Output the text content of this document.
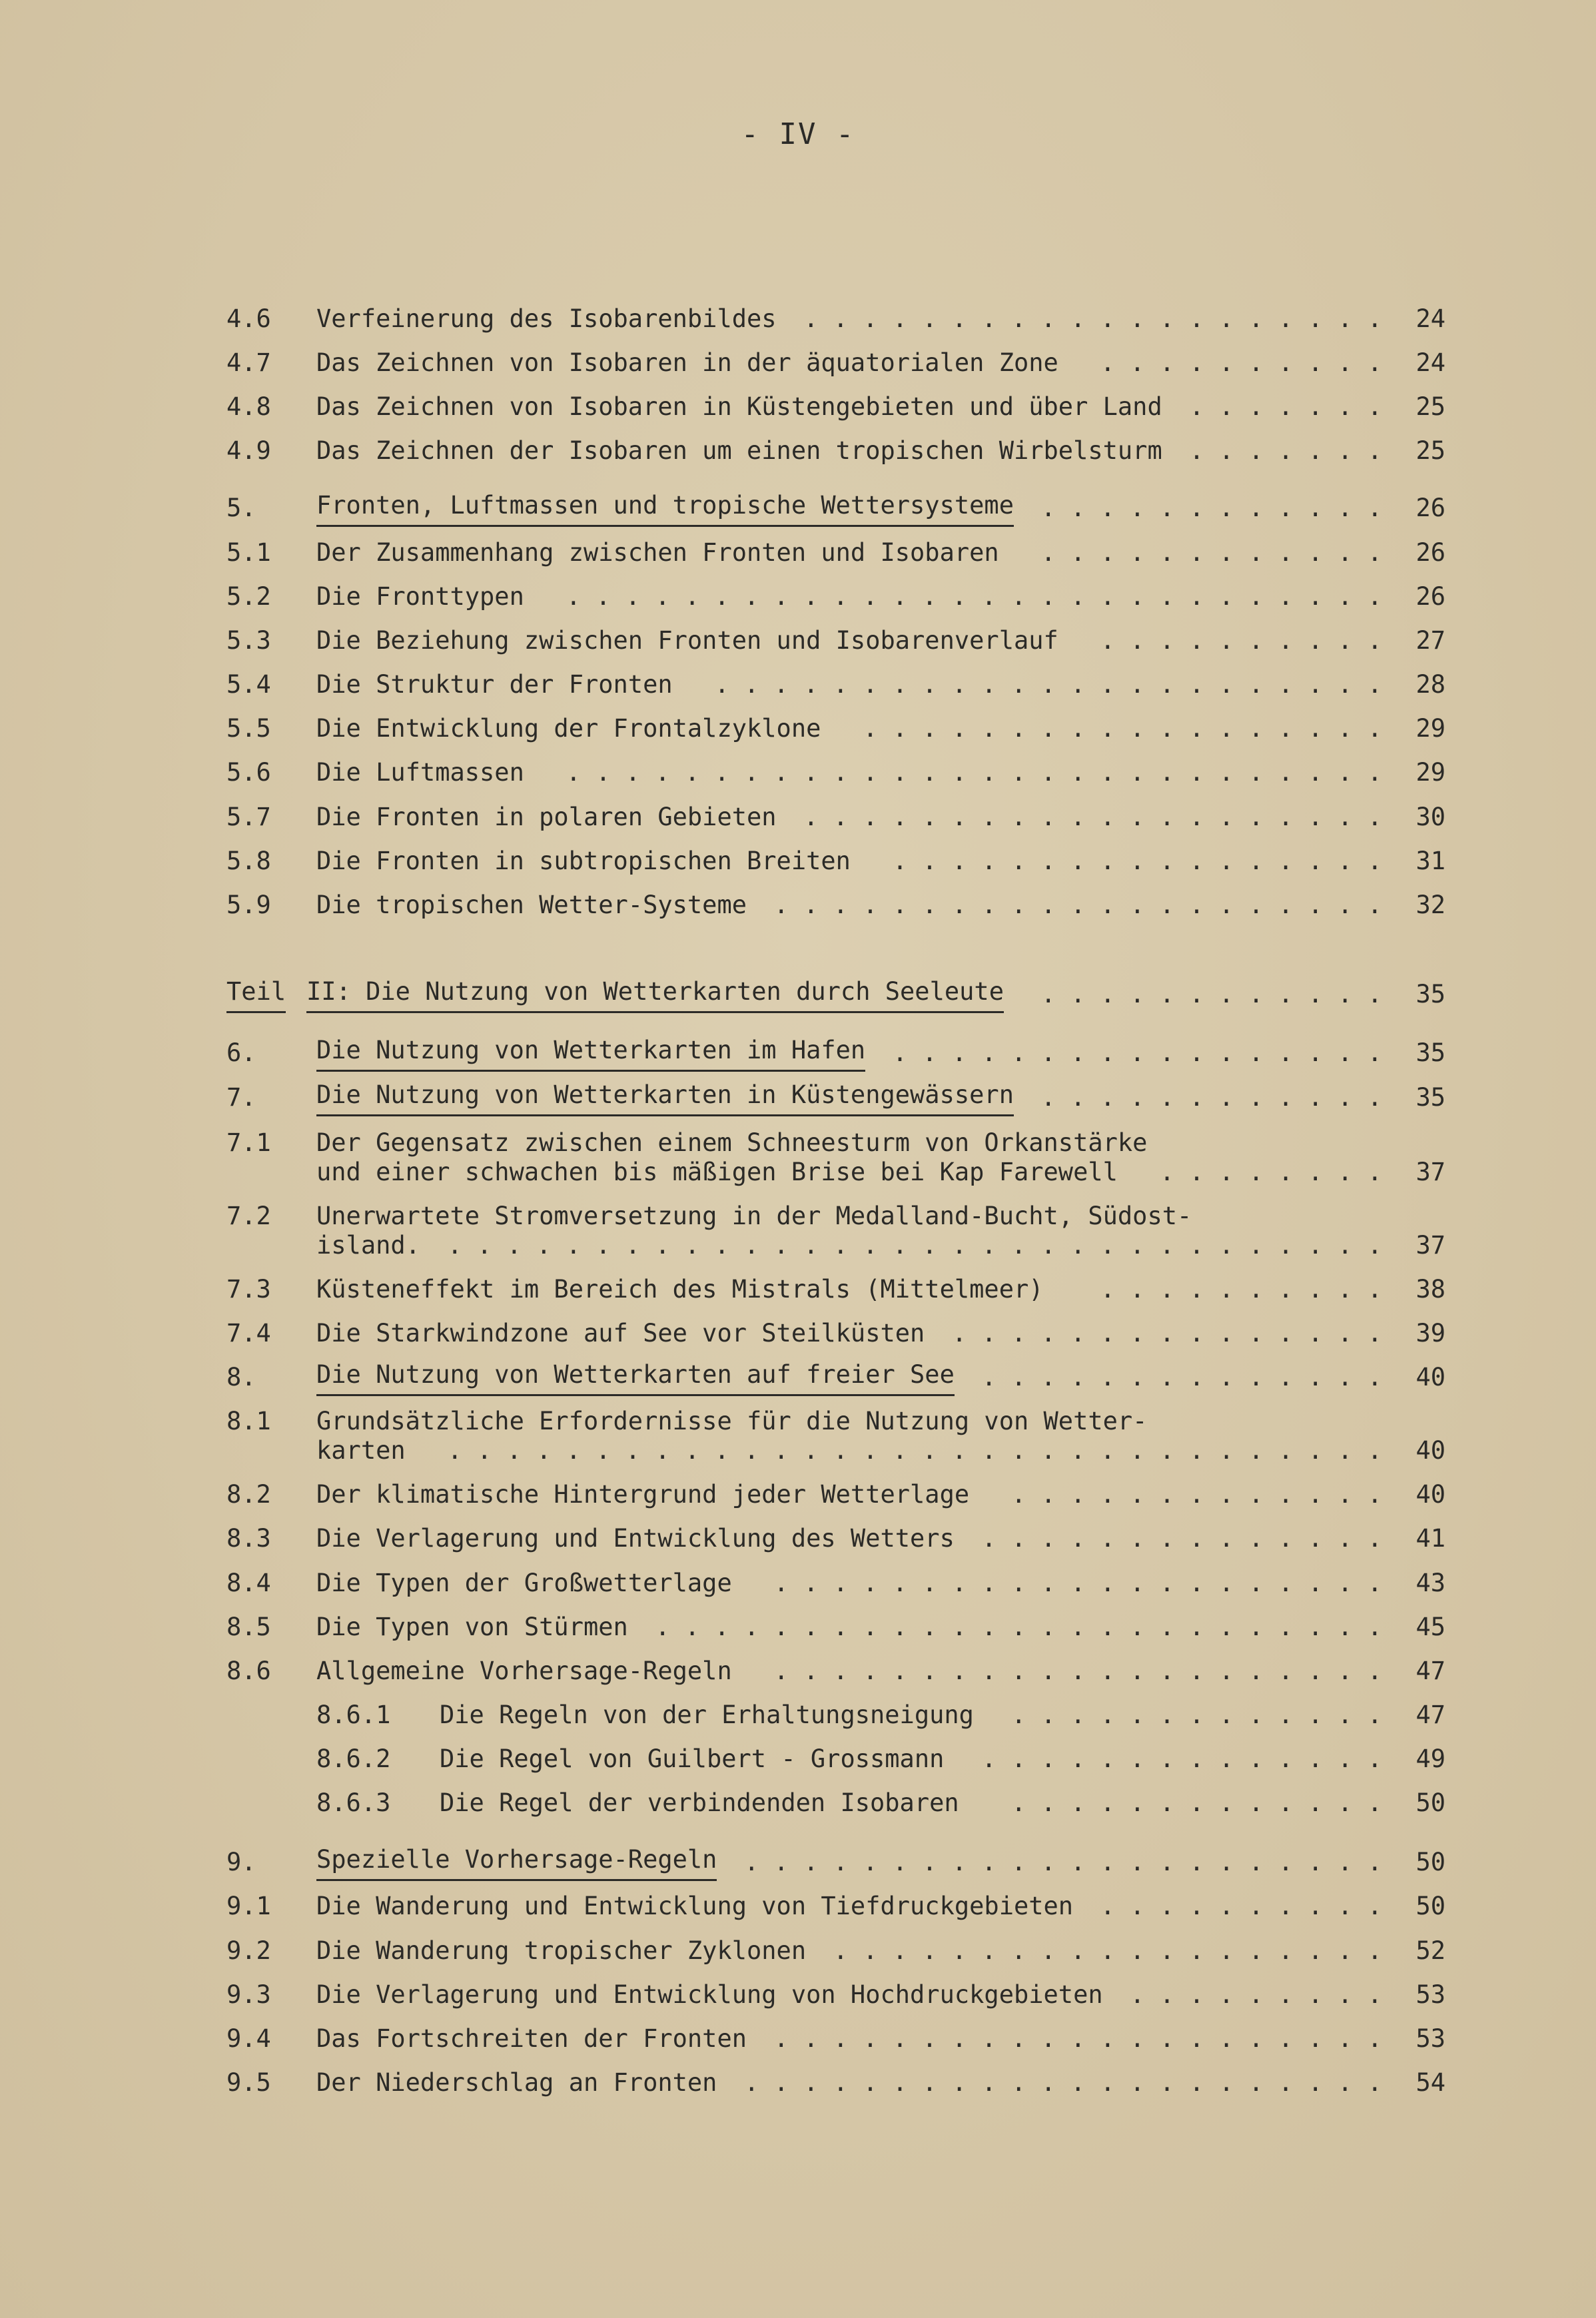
- IV -
4.6 Verfeinerung des Isobarenbildes	24
. . . . . . . . . . . . . . . . . . . .
4.7 Das Zeichnen von Isobaren in der äquatorialen Zone	24
. . . . . . . . . .
4.8 Das Zeichnen von Isobaren in Küstengebieten und über Land	25
. . . . . . .
4.9 Das Zeichnen der Isobaren um einen tropischen Wirbelsturm	25
. . . . . . .
5. Fronten, Luftmassen und tropische Wettersysteme	26
. . . . . . . . . . . .
5.1 Der Zusammenhang zwischen Fronten und Isobaren	26
. . . . . . . . . . . .
5.2 Die Fronttypen	26
. . . . . . . . . . . . . . . . . . . . . . . . . . . .
5.3 Die Beziehung zwischen Fronten und Isobarenverlauf	27
. . . . . . . . . .
5.4 Die Struktur der Fronten	28
. . . . . . . . . . . . . . . . . . . . . . .
5.5 Die Entwicklung der Frontalzyklone	29
. . . . . . . . . . . . . . . . . .
5.6 Die Luftmassen	29
. . . . . . . . . . . . . . . . . . . . . . . . . . . .
5.7 Die Fronten in polaren Gebieten	30
. . . . . . . . . . . . . . . . . . . .
5.8 Die Fronten in subtropischen Breiten	31
. . . . . . . . . . . . . . . . .
5.9 Die tropischen Wetter-Systeme	32
. . . . . . . . . . . . . . . . . . . . .
Teil II: Die Nutzung von Wetterkarten durch Seeleute	35
. . . . . . . . . . . .
6. Die Nutzung von Wetterkarten im Hafen	35
. . . . . . . . . . . . . . . . .
7. Die Nutzung von Wetterkarten in Küstengewässern	35
. . . . . . . . . . . .
7.1 Der Gegensatz zwischen einem Schneesturm von Orkanstärke
und einer schwachen bis mäßigen Brise bei Kap Farewell	37
. . . . . . . .
7.2 Unerwartete Stromversetzung in der Medalland-Bucht, Südost-
island.	37
. . . . . . . . . . . . . . . . . . . . . . . . . . . . . . . .
7.3 Küsteneffekt im Bereich des Mistrals (Mittelmeer)	38
. . . . . . . . . .
7.4 Die Starkwindzone auf See vor Steilküsten	39
. . . . . . . . . . . . . . .
8. Die Nutzung von Wetterkarten auf freier See	40
. . . . . . . . . . . . . .
8.1 Grundsätzliche Erfordernisse für die Nutzung von Wetter-
karten	40
. . . . . . . . . . . . . . . . . . . . . . . . . . . . . . . .
8.2 Der klimatische Hintergrund jeder Wetterlage	40
. . . . . . . . . . . . .
8.3 Die Verlagerung und Entwicklung des Wetters	41
. . . . . . . . . . . . . .
8.4 Die Typen der Großwetterlage	43
. . . . . . . . . . . . . . . . . . . . .
8.5 Die Typen von Stürmen	45
. . . . . . . . . . . . . . . . . . . . . . . . .
8.6 Allgemeine Vorhersage-Regeln	47
. . . . . . . . . . . . . . . . . . . . .
8.6.1 Die Regeln von der Erhaltungsneigung	47
. . . . . . . . . . . . .
8.6.2 Die Regel von Guilbert - Grossmann	49
. . . . . . . . . . . . . .
8.6.3 Die Regel der verbindenden Isobaren	50
. . . . . . . . . . . . .
9. Spezielle Vorhersage-Regeln	50
. . . . . . . . . . . . . . . . . . . . . .
9.1 Die Wanderung und Entwicklung von Tiefdruckgebieten	50
. . . . . . . . . .
9.2 Die Wanderung tropischer Zyklonen	52
. . . . . . . . . . . . . . . . . . .
9.3 Die Verlagerung und Entwicklung von Hochdruckgebieten	53
. . . . . . . . .
9.4 Das Fortschreiten der Fronten	53
. . . . . . . . . . . . . . . . . . . . .
9.5 Der Niederschlag an Fronten	54
. . . . . . . . . . . . . . . . . . . . . .
